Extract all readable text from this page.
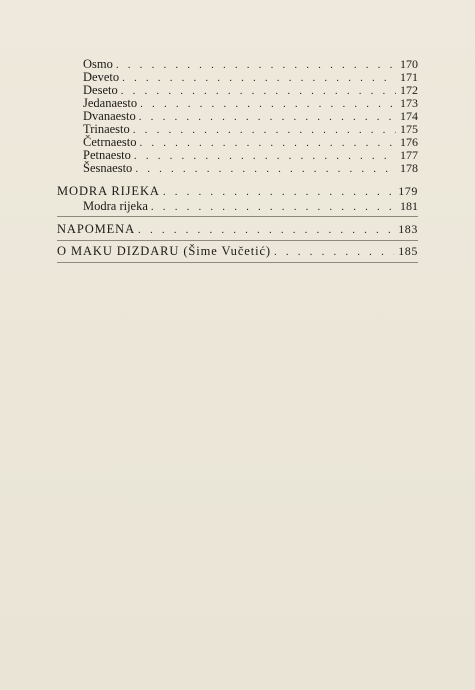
Osmo . . .	170
Deveto . . .	171
Deseto . . .	172
Jedanaesto . . .	173
Dvanaesto . . .	174
Trinaesto . . .	175
Četrnaesto . . .	176
Petnaesto . . .	177
Šesnaesto . . .	178
MODRA RIJEKA . . .	179
Modra rijeka . . .	181
NAPOMENA . . .	183
O MAKU DIZDARU (Šime Vučetić) . . .	185
